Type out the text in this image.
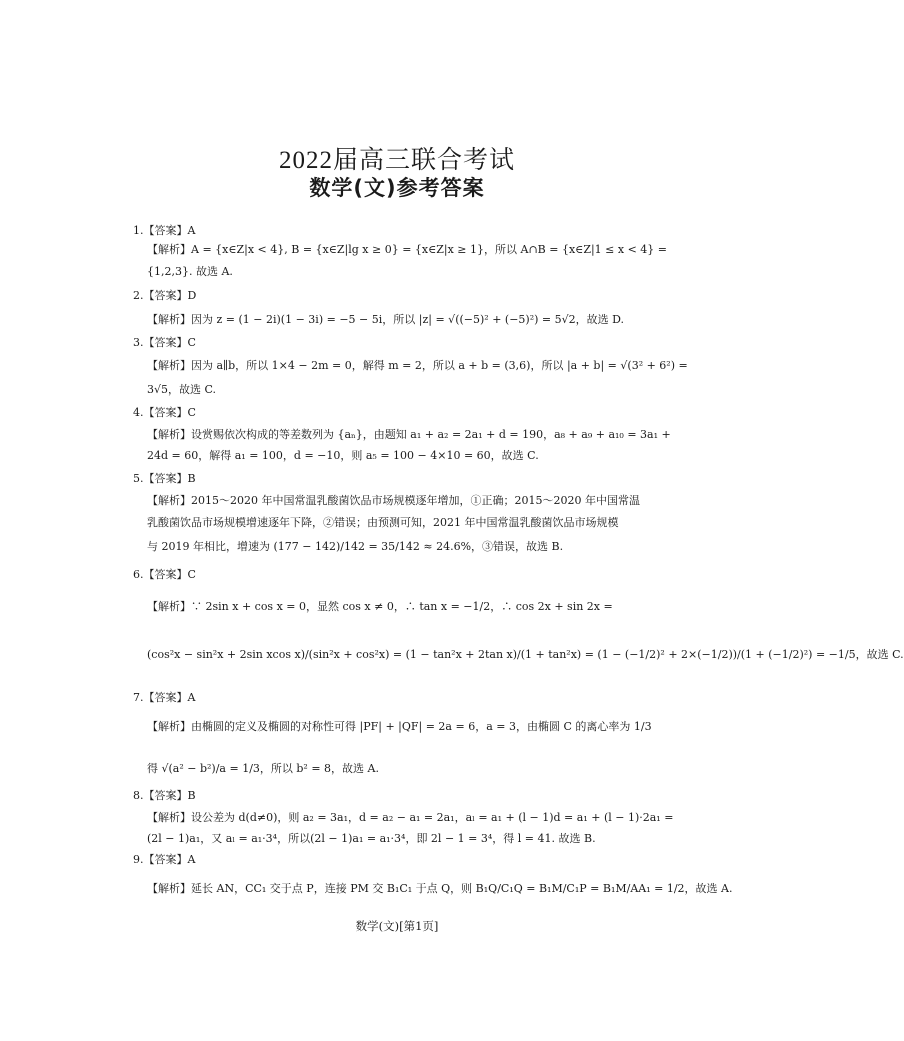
2022届高三联合考试
数学(文)参考答案
1.【答案】A
【解析】A = {x∈Z|x < 4}, B = {x∈Z|lg x ≥ 0} = {x∈Z|x ≥ 1}，所以 A∩B = {x∈Z|1 ≤ x < 4} =
{1,2,3}. 故选 A.
2.【答案】D
【解析】因为 z = (1 − 2i)(1 − 3i) = −5 − 5i，所以 |z| = √((−5)² + (−5)²) = 5√2，故选 D.
3.【答案】C
【解析】因为 a∥b，所以 1×4 − 2m = 0，解得 m = 2，所以 a + b = (3,6)，所以 |a + b| = √(3² + 6²) =
3√5，故选 C.
4.【答案】C
【解析】设赏赐依次构成的等差数列为 {aₙ}，由题知 a₁ + a₂ = 2a₁ + d = 190，a₈ + a₉ + a₁₀ = 3a₁ +
24d = 60，解得 a₁ = 100，d = −10，则 a₅ = 100 − 4×10 = 60，故选 C.
5.【答案】B
【解析】2015～2020 年中国常温乳酸菌饮品市场规模逐年增加，①正确；2015～2020 年中国常温
乳酸菌饮品市场规模增速逐年下降，②错误；由预测可知，2021 年中国常温乳酸菌饮品市场规模
与 2019 年相比，增速为 (177 − 142)/142 = 35/142 ≈ 24.6%，③错误，故选 B.
6.【答案】C
【解析】∵ 2sin x + cos x = 0，显然 cos x ≠ 0，∴ tan x = −1/2，∴ cos 2x + sin 2x =
(cos²x − sin²x + 2sin xcos x)/(sin²x + cos²x) = (1 − tan²x + 2tan x)/(1 + tan²x) = (1 − (−1/2)² + 2×(−1/2))/(1 + (−1/2)²) = −1/5，故选 C.
7.【答案】A
【解析】由椭圆的定义及椭圆的对称性可得 |PF| + |QF| = 2a = 6，a = 3，由椭圆 C 的离心率为 1/3
得 √(a² − b²)/a = 1/3，所以 b² = 8，故选 A.
8.【答案】B
【解析】设公差为 d(d≠0)，则 a₂ = 3a₁，d = a₂ − a₁ = 2a₁，aₗ = a₁ + (l − 1)d = a₁ + (l − 1)·2a₁ =
(2l − 1)a₁，又 aₗ = a₁·3⁴，所以(2l − 1)a₁ = a₁·3⁴，即 2l − 1 = 3⁴，得 l = 41. 故选 B.
9.【答案】A
【解析】延长 AN，CC₁ 交于点 P，连接 PM 交 B₁C₁ 于点 Q，则 B₁Q/C₁Q = B₁M/C₁P = B₁M/AA₁ = 1/2，故选 A.
数学(文)[第1页]
